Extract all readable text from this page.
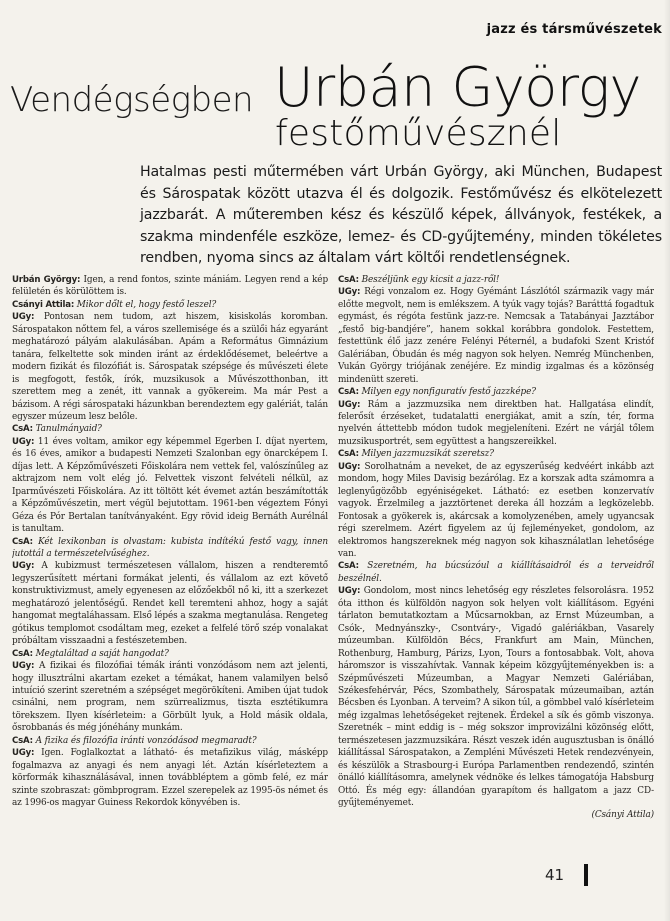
jazz és társművészetek
Vendégségben Urbán György
festőművésznél
Hatalmas pesti műtermében várt Urbán György, aki München, Budapest és Sárospatak között utazva él és dolgozik. Festőművész és elkötelezett jazzbarát. A műteremben kész és készülő képek, állványok, festékek, a szakma mindenféle eszköze, lemez- és CD-gyűjtemény, minden tökéletes rendben, nyoma sincs az általam várt költői rendetlenségnek.

Urbán György: Igen, a rend fontos, szinte mániám. Legyen rend a kép felületén és körülöttem is.

Csányi Attila: Mikor dőlt el, hogy festő leszel?

UGy: Pontosan nem tudom, azt hiszem, kisiskolás koromban. Sárospatakon nőttem fel, a város szellemisége és a szülői ház egyaránt meghatározó pályám alakulásában. Apám a Református Gimnázium tanára, felkeltette sok minden iránt az érdeklődésemet, beleértve a modern fizikát és filozófiát is. Sárospatak szépsége és művészeti élete is megfogott, festők, írók, muzsikusok a Művészotthonban, itt szerettem meg a zenét, itt vannak a gyökereim. Ma már Pest a bázisom. A régi sárospataki házunkban berendeztem egy galériát, talán egyszer múzeum lesz belőle.

CsA: Tanulmányaid?

UGy: 11 éves voltam, amikor egy képemmel Egerben I. díjat nyertem, és 16 éves, amikor a budapesti Nemzeti Szalonban egy önarcképem I. díjas lett. A Képzőművészeti Főiskolára nem vettek fel, valószínűleg az aktrajzom nem volt elég jó. Felvettek viszont felvételi nélkül, az Iparművészeti Főiskolára. Az itt töltött két évemet aztán beszámították a Képzőművészetin, mert végül bejutottam. 1961-ben végeztem Fónyi Géza és Pór Bertalan tanítványaként. Egy rövid ideig Bernáth Aurélnál is tanultam.

CsA: Két lexikonban is olvastam: kubista indítékú festő vagy, innen jutottál a természetelvűséghez.

UGy: A kubizmust természetesen vállalom, hiszen a rendteremtő legyszerűsített mértani formákat jelenti, és vállalom az ezt követő konstruktivizmust, amely egyenesen az előzőekből nő ki, itt a szerkezet meghatározó jelentőségű. Rendet kell teremteni ahhoz, hogy a saját hangomat megtaláhassam. Első lépés a szakma megtanulása. Rengeteg gótikus templomot csodáltam meg, ezeket a felfelé törő szép vonalakat próbáltam visszaadni a festészetemben.

CsA: Megtaláltad a saját hangodat?

UGy: A fizikai és filozófiai témák iránti vonzódásom nem azt jelenti, hogy illusztrálni akartam ezeket a témákat, hanem valamilyen belső intuíció szerint szeretném a szépséget megörökíteni. Amiben újat tudok csinálni, nem program, nem szürrealizmus, tiszta esztétikumra törekszem. Ilyen kísérleteim: a Görbült lyuk, a Hold másik oldala, ősrobbanás és még jónéhány munkám.

CsA: A fizika és filozófia iránti vonzódásod megmaradt?

UGy: Igen. Foglalkoztat a látható- és metafizikus világ, másképp fogalmazva az anyagi és nem anyagi lét. Aztán kísérleteztem a körformák kihasználásával, innen továbbléptem a gömb felé, ez már szinte szobraszat: gömbprogram. Ezzel szerepelek az 1995-ös német és az 1996-os magyar Guiness Rekordok könyvében is.

CsA: Beszéljünk egy kicsit a jazz-ről!

UGy: Régi vonzalom ez. Hogy Gyémánt Lászlótól származik vagy már előtte megvolt, nem is emlékszem. A tyúk vagy tojás? Barátttá fogadtuk egymást, és régóta festünk jazz-re. Nemcsak a Tatabányai Jazztábor „festő big-bandjére”, hanem sokkal korábbra gondolok. Festettem, festettünk élő jazz zenére Felényi Péternél, a budafoki Szent Kristóf Galériában, Óbudán és még nagyon sok helyen. Nemrég Münchenben, Vukán György triójának zenéjére. Ez mindig izgalmas és a közönség mindenütt szereti.

CsA: Milyen egy nonfiguratív festő jazzképe?

UGy: Rám a jazzmuzsika nem direktben hat. Hallgatása elindít, felerősít érzéseket, tudatalatti energiákat, amit a szín, tér, forma nyelvén áttettebb módon tudok megjeleníteni. Ezért ne várjál tőlem muzsikusportrét, sem együttest a hangszereikkel.

CsA: Milyen jazzmuzsikát szeretsz?

UGy: Sorolhatnám a neveket, de az egyszerűség kedvéért inkább azt mondom, hogy Miles Davisig bezárólag. Ez a korszak adta számomra a leglenyűgözőbb egyéniségeket. Látható: ez esetben konzervatív vagyok. Érzelmileg a jazztörtenet dereka áll hozzám a legközelebb. Fontosak a gyökerek is, akárcsak a komolyzenében, amely ugyancsak régi szerelmem. Azért figyelem az új fejleményeket, gondolom, az elektromos hangszereknek még nagyon sok kihasználatlan lehetősége van.

CsA: Szeretném, ha búcsúzóul a kiállításaidról és a terveidről beszélnél.

UGy: Gondolom, most nincs lehetőség egy részletes felsorolásra. 1952 óta itthon és külföldön nagyon sok helyen volt kiállításom. Egyéni tárlaton bemutatkoztam a Műcsarnokban, az Ernst Múzeumban, a Csók-, Mednyánszky-, Csontváry-, Vigadó galériákban, Vasarely múzeumban. Külföldön Bécs, Frankfurt am Main, München, Rothenburg, Hamburg, Párizs, Lyon, Tours a fontosabbak. Volt, ahova háromszor is visszahívtak. Vannak képeim közgyűjteményekben is: a Szépművészeti Múzeumban, a Magyar Nemzeti Galériában, Székesfehérvár, Pécs, Szombathely, Sárospatak múzeumaiban, aztán Bécsben és Lyonban. A terveim? A sikon túl, a gömbbel való kísérleteim még izgalmas lehetőségeket rejtenek. Érdekel a sík és gömb viszonya. Szeretnék – mint eddig is – még sokszor improvizálni közönség előtt, természetesen jazzmuzsikára. Részt veszek idén augusztusban is önálló kiállítással Sárospatakon, a Zempléni Művészeti Hetek rendezvényein, és készülök a Strasbourg-i Európa Parlamentben rendezendő, szintén önálló kiállításomra, amelynek védnöke és lelkes támogatója Habsburg Ottó. És még egy: állandóan gyarapítom és hallgatom a jazz CD-gyűjteményemet.

(Csányi Attila)

41
